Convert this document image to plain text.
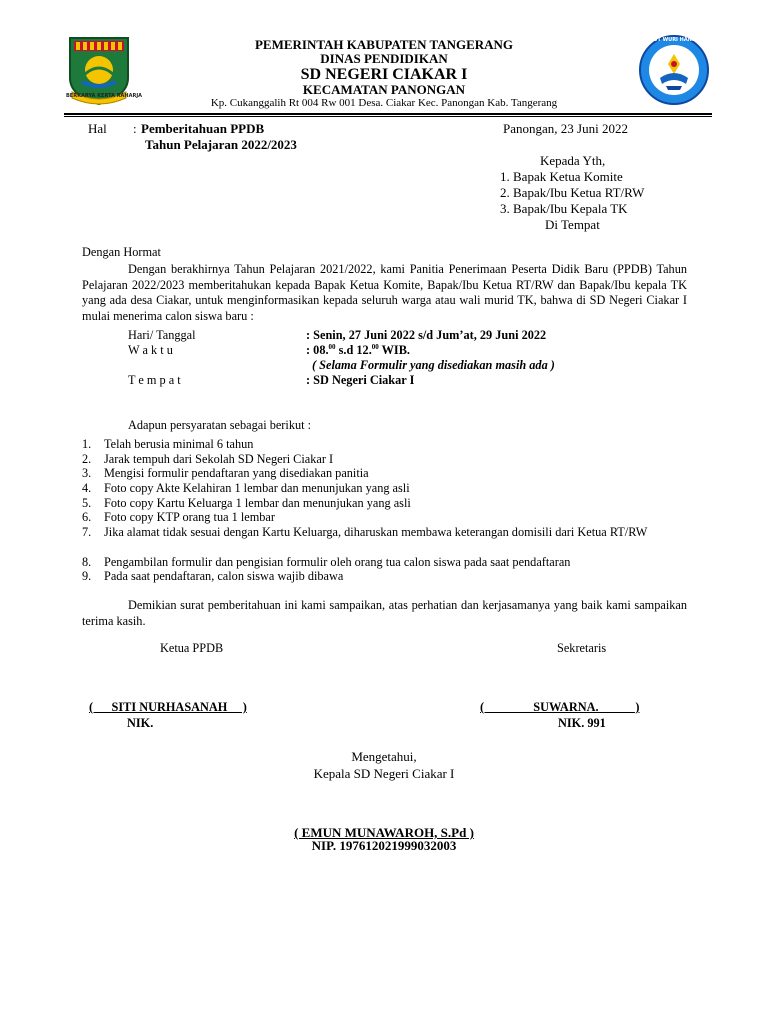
BERKARYA KERTA RAHARJA
PEMERINTAH KABUPATEN TANGERANG
DINAS PENDIDIKAN
SD NEGERI CIAKAR I
KECAMATAN PANONGAN
Kp. Cukanggalih Rt 004 Rw 001 Desa. Ciakar Kec. Panongan Kab. Tangerang
TUT WURI HANDAYANI
Hal : Pemberitahuan PPDB
Tahun Pelajaran 2022/2023
Panongan, 23 Juni 2022
Kepada Yth,
1. Bapak Ketua Komite
2. Bapak/Ibu Ketua RT/RW
3. Bapak/Ibu Kepala TK
Di Tempat
Dengan Hormat
Dengan berakhirnya Tahun Pelajaran 2021/2022, kami Panitia Penerimaan Peserta Didik Baru (PPDB) Tahun Pelajaran 2022/2023 memberitahukan kepada Bapak Ketua Komite, Bapak/Ibu Ketua RT/RW dan Bapak/Ibu kepala TK yang ada desa Ciakar, untuk menginformasikan kepada seluruh warga atau wali murid TK, bahwa di SD Negeri Ciakar I mulai menerima calon siswa baru :
Hari/ Tanggal	: Senin, 27 Juni 2022 s/d Jum’at, 29 Juni 2022
W a k t u	: 08.00 s.d 12.00 WIB.
( Selama Formulir yang disediakan masih ada )
T e m p a t	: SD Negeri Ciakar I
Adapun persyaratan sebagai berikut :
1. Telah berusia minimal 6 tahun
2. Jarak tempuh dari Sekolah SD Negeri Ciakar I
3. Mengisi formulir pendaftaran yang disediakan panitia
4. Foto copy Akte Kelahiran 1 lembar dan menunjukan yang asli
5. Foto copy Kartu Keluarga 1 lembar dan menunjukan yang asli
6. Foto copy KTP orang tua 1 lembar
7. Jika alamat tidak sesuai dengan Kartu Keluarga, diharuskan membawa keterangan domisili dari Ketua RT/RW
8. Pengambilan formulir dan pengisian formulir oleh orang tua calon siswa pada saat pendaftaran
9. Pada saat pendaftaran, calon siswa wajib dibawa
Demikian surat pemberitahuan ini kami sampaikan, atas perhatian dan kerjasamanya yang baik kami sampaikan terima kasih.
Ketua PPDB	Sekretaris
(      SITI NURHASANAH     )	(                SUWARNA.            )
NIK.	NIK. 991
Mengetahui,
Kepala SD Negeri Ciakar I
( EMUN MUNAWAROH, S.Pd )
NIP. 197612021999032003
